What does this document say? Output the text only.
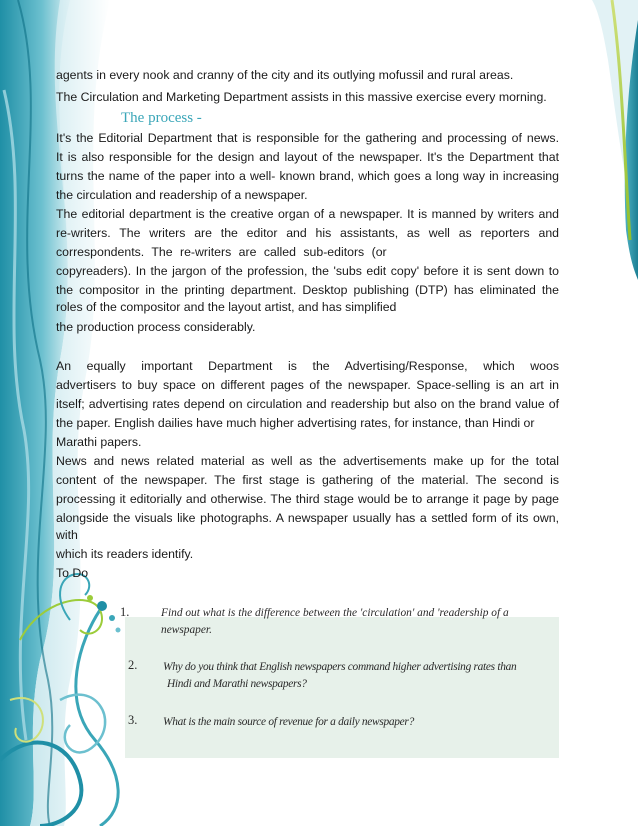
agents in every nook and cranny of the city and its outlying mofussil and rural areas.

The Circulation and Marketing Department assists in this massive exercise every morning.

The process -

It's the Editorial Department that is responsible for the gathering and processing of news.

It is also responsible for the design and layout of the newspaper. It's the Department that

turns the name of the paper into a well- known brand, which goes a long way in increasing

the circulation and readership of a newspaper.

The editorial department is the creative organ of a newspaper. It is manned by writers and

re-writers. The writers are the editor and his assistants, as well as reporters and

correspondents. The re-writers are called sub-editors (or

copyreaders). In the jargon of the profession, the 'subs edit copy' before it is sent down to

the compositor in the printing department. Desktop publishing (DTP) has eliminated the

roles of the compositor and the layout artist, and has simplified

the production process considerably.

An equally important Department is the Advertising/Response, which woos

advertisers to buy space on different pages of the newspaper. Space-selling is an art in

itself; advertising rates depend on circulation and readership but also on the brand value of

the paper. English dailies have much higher advertising rates, for instance, than Hindi or

Marathi papers.

News and news related material as well as the advertisements make up for the total

content of the newspaper. The first stage is gathering of the material. The second is

processing it editorially and otherwise. The third stage would be to arrange it page by page

alongside the visuals like photographs. A newspaper usually has a settled form of its own,

with

which its readers identify.

To Do

1.	Find out what is the difference between the 'circulation' and 'readership of a
newspaper.
2. Why do you think that English newspapers command higher advertising rates than
Hindi and Marathi newspapers?
3. What is the main source of revenue for a daily newspaper?
